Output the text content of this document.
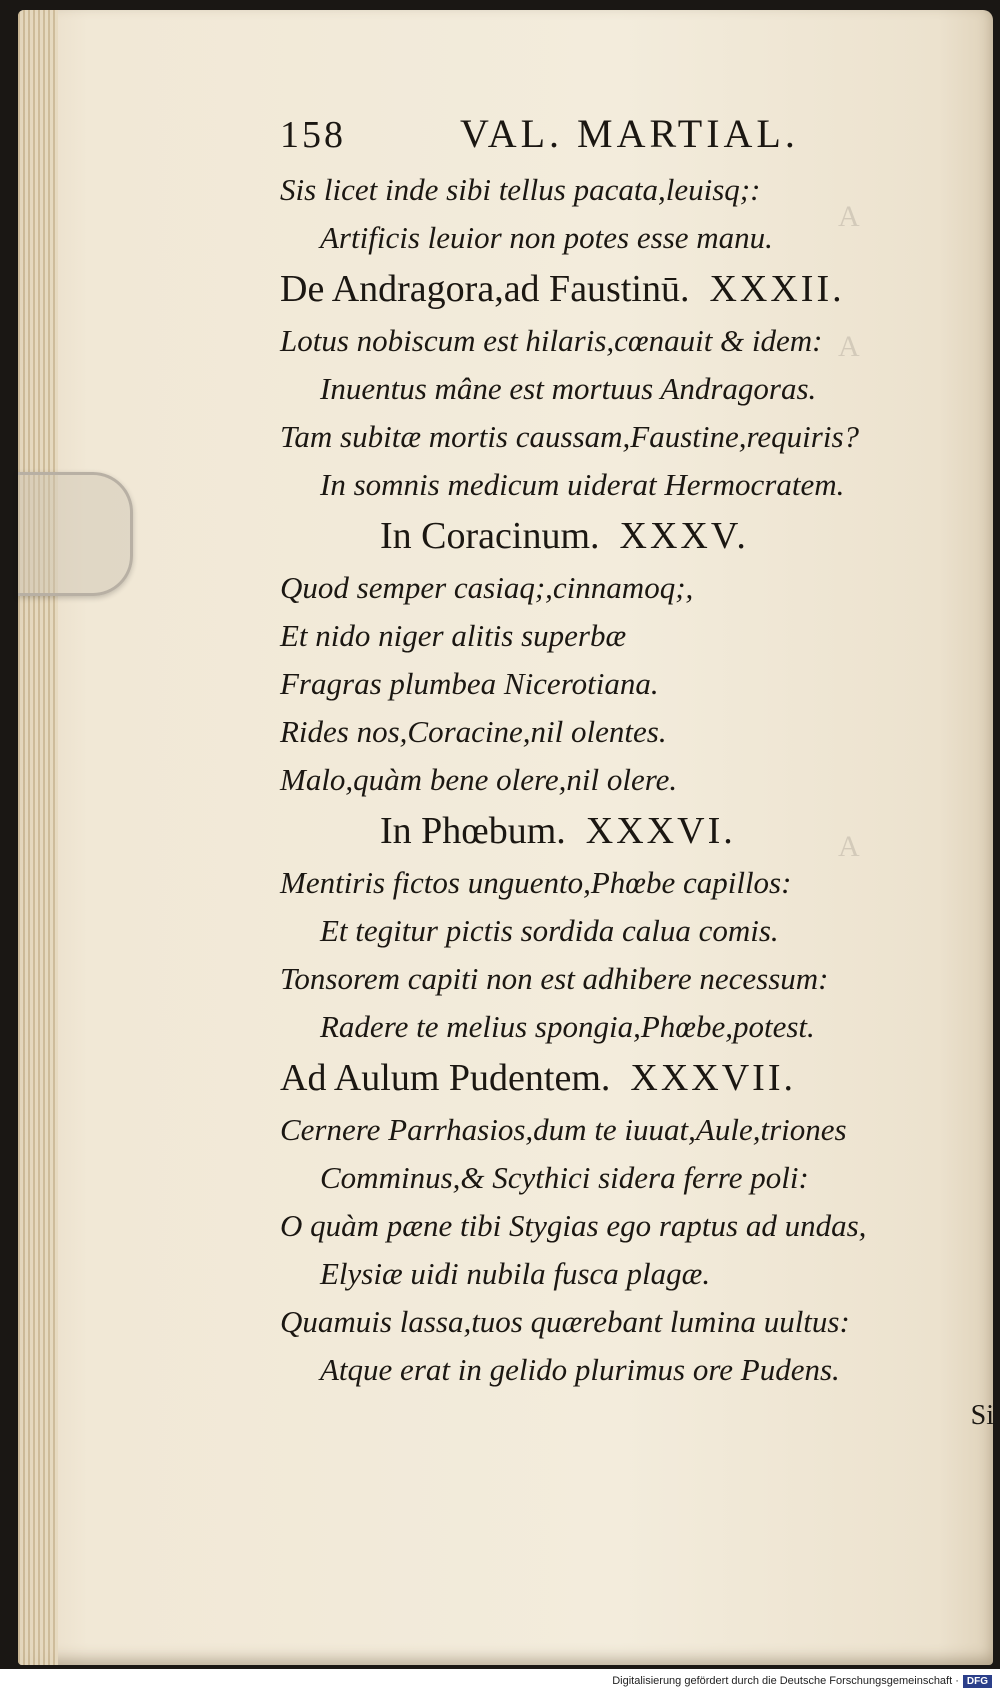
A
A
A
158	VAL. MARTIAL.
Sis licet inde sibi tellus pacata,leuisq;:
Artificis leuior non potes esse manu.
De Andragora,ad Faustinū. XXXII.
Lotus nobiscum est hilaris,cœnauit & idem:
Inuentus mâne est mortuus Andragoras.
Tam subitæ mortis caussam,Faustine,requiris?
In somnis medicum uiderat Hermocratem.
In Coracinum. XXXV.
Quod semper casiaq;,cinnamoq;,
Et nido niger alitis superbæ
Fragras plumbea Nicerotiana.
Rides nos,Coracine,nil olentes.
Malo,quàm bene olere,nil olere.
In Phœbum. XXXVI.
Mentiris fictos unguento,Phœbe capillos:
Et tegitur pictis sordida calua comis.
Tonsorem capiti non est adhibere necessum:
Radere te melius spongia,Phœbe,potest.
Ad Aulum Pudentem. XXXVII.
Cernere Parrhasios,dum te iuuat,Aule,triones
Comminus,& Scythici sidera ferre poli:
O quàm pæne tibi Stygias ego raptus ad undas,
Elysiæ uidi nubila fusca plagæ.
Quamuis lassa,tuos quærebant lumina uultus:
Atque erat in gelido plurimus ore Pudens.
Si
Digitalisierung gefördert durch die Deutsche Forschungsgemeinschaft · DFG
